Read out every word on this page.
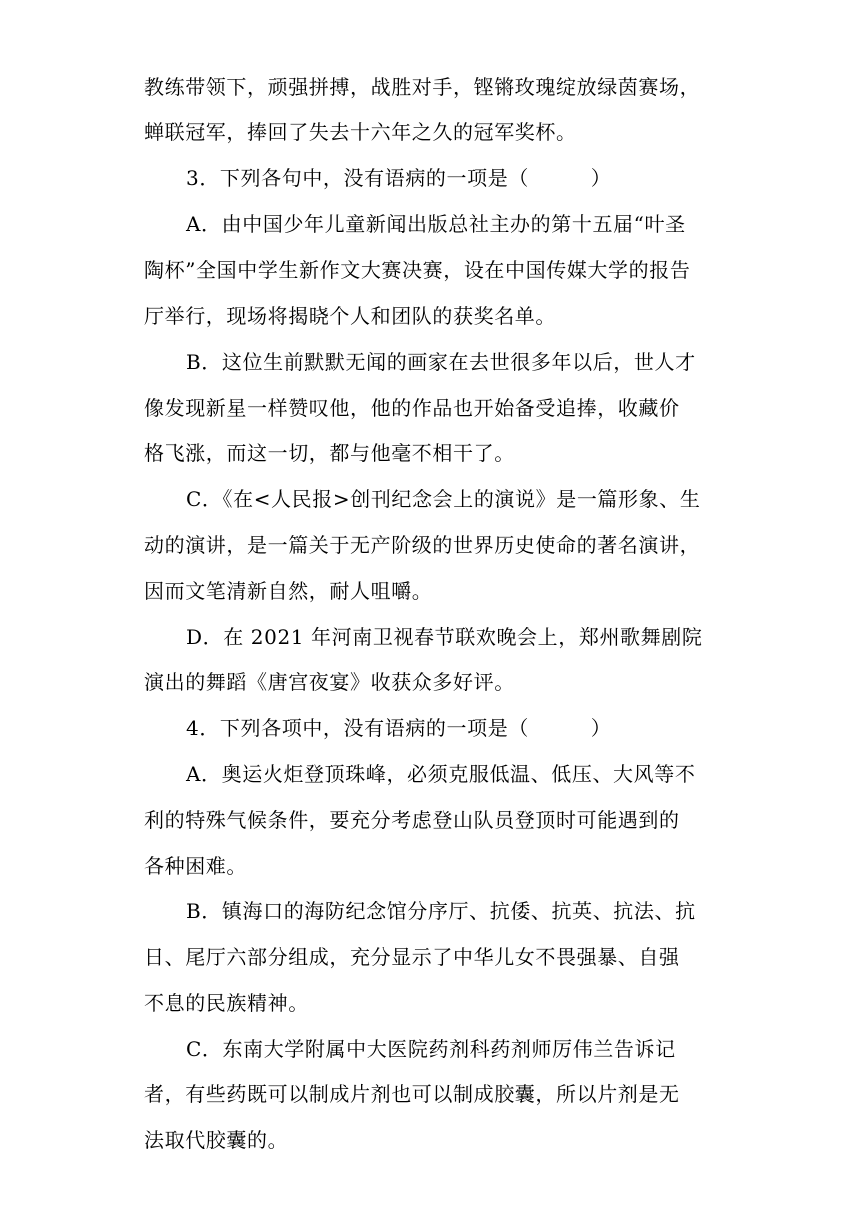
教练带领下，顽强拼搏，战胜对手，铿锵玫瑰绽放绿茵赛场，
蝉联冠军，捧回了失去十六年之久的冠军奖杯。
3．下列各句中，没有语病的一项是（　　　）
A．由中国少年儿童新闻出版总社主办的第十五届“叶圣
陶杯”全国中学生新作文大赛决赛，设在中国传媒大学的报告
厅举行，现场将揭晓个人和团队的获奖名单。
B．这位生前默默无闻的画家在去世很多年以后，世人才
像发现新星一样赞叹他，他的作品也开始备受追捧，收藏价
格飞涨，而这一切，都与他毫不相干了。
C．《在<人民报>创刊纪念会上的演说》是一篇形象、生
动的演讲，是一篇关于无产阶级的世界历史使命的著名演讲，
因而文笔清新自然，耐人咀嚼。
D．在 2021 年河南卫视春节联欢晚会上，郑州歌舞剧院
演出的舞蹈《唐宫夜宴》收获众多好评。
4．下列各项中，没有语病的一项是（　　　）
A．奥运火炬登顶珠峰，必须克服低温、低压、大风等不
利的特殊气候条件，要充分考虑登山队员登顶时可能遇到的
各种困难。
B．镇海口的海防纪念馆分序厅、抗倭、抗英、抗法、抗
日、尾厅六部分组成，充分显示了中华儿女不畏强暴、自强
不息的民族精神。
C．东南大学附属中大医院药剂科药剂师厉伟兰告诉记
者，有些药既可以制成片剂也可以制成胶囊，所以片剂是无
法取代胶囊的。
